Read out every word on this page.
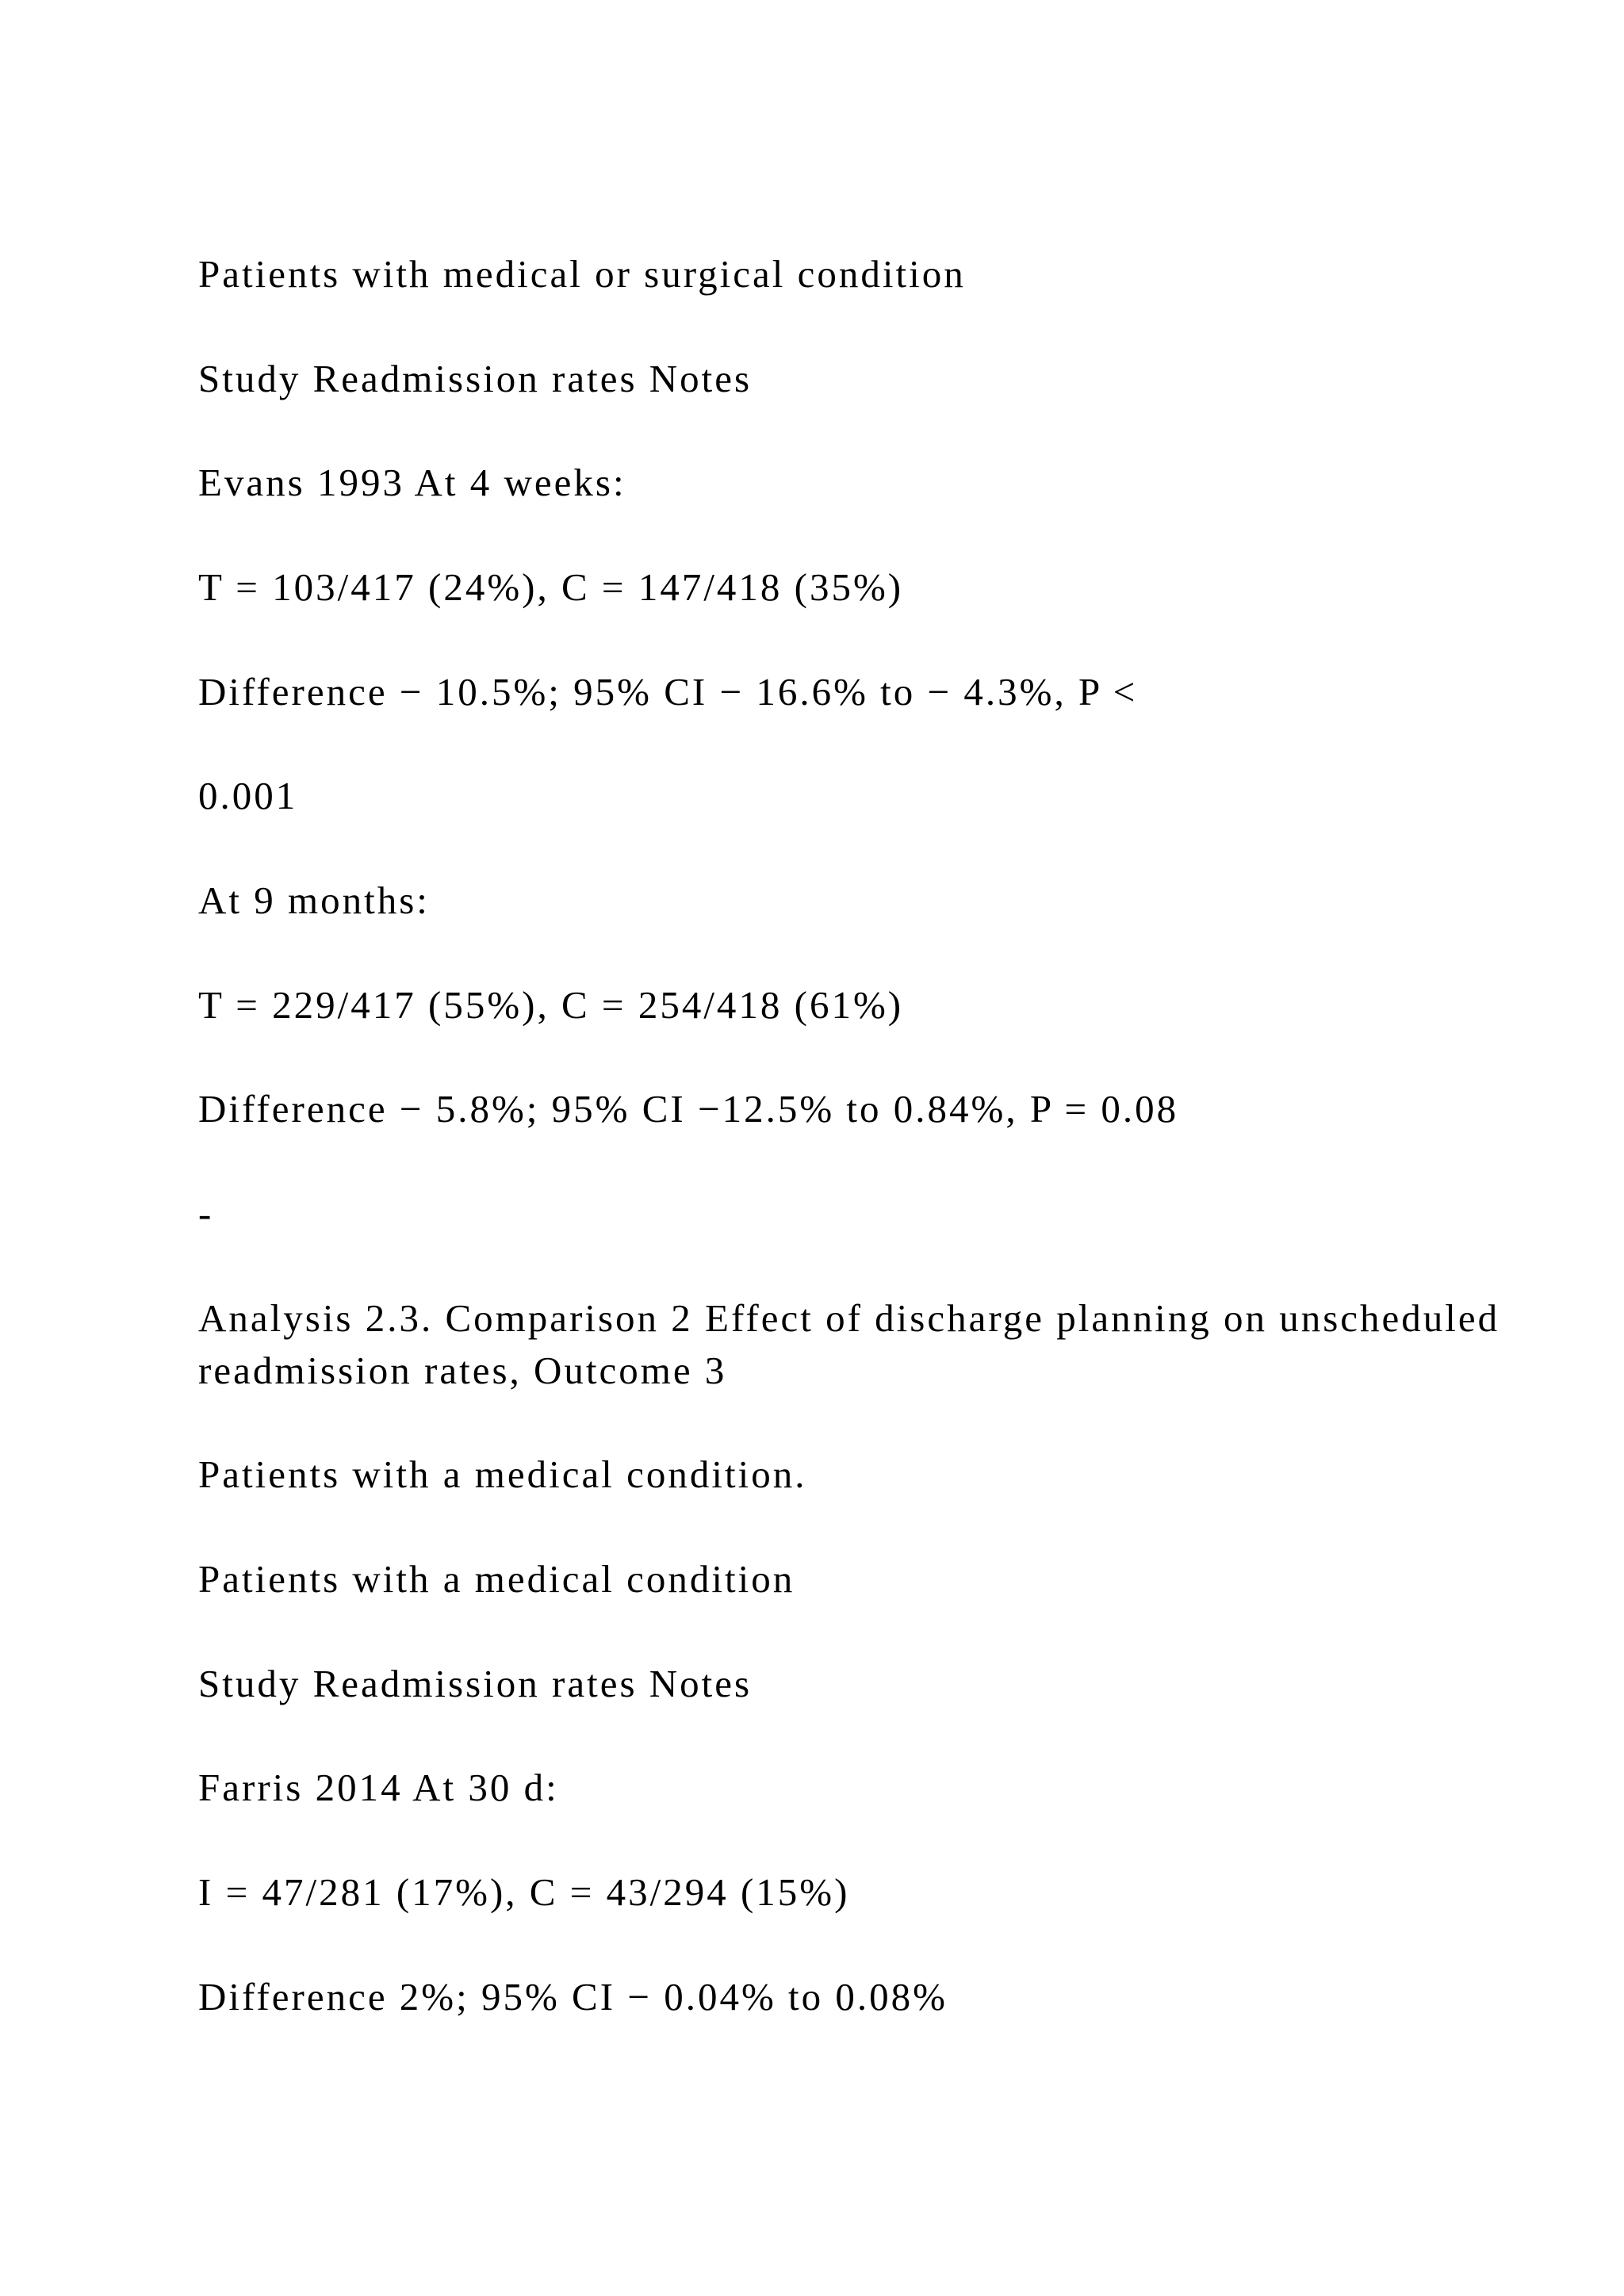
Patients with medical or surgical condition

Study Readmission rates Notes

Evans 1993 At 4 weeks:

T = 103/417 (24%), C = 147/418 (35%)

Difference − 10.5%; 95% CI − 16.6% to − 4.3%, P <

0.001

At 9 months:

T = 229/417 (55%), C = 254/418 (61%)

Difference − 5.8%; 95% CI −12.5% to 0.84%, P = 0.08

-

Analysis 2.3. Comparison 2 Effect of discharge planning on unscheduled readmission rates, Outcome 3

Patients with a medical condition.

Patients with a medical condition

Study Readmission rates Notes

Farris 2014 At 30 d:

I = 47/281 (17%), C = 43/294 (15%)

Difference 2%; 95% CI − 0.04% to 0.08%
